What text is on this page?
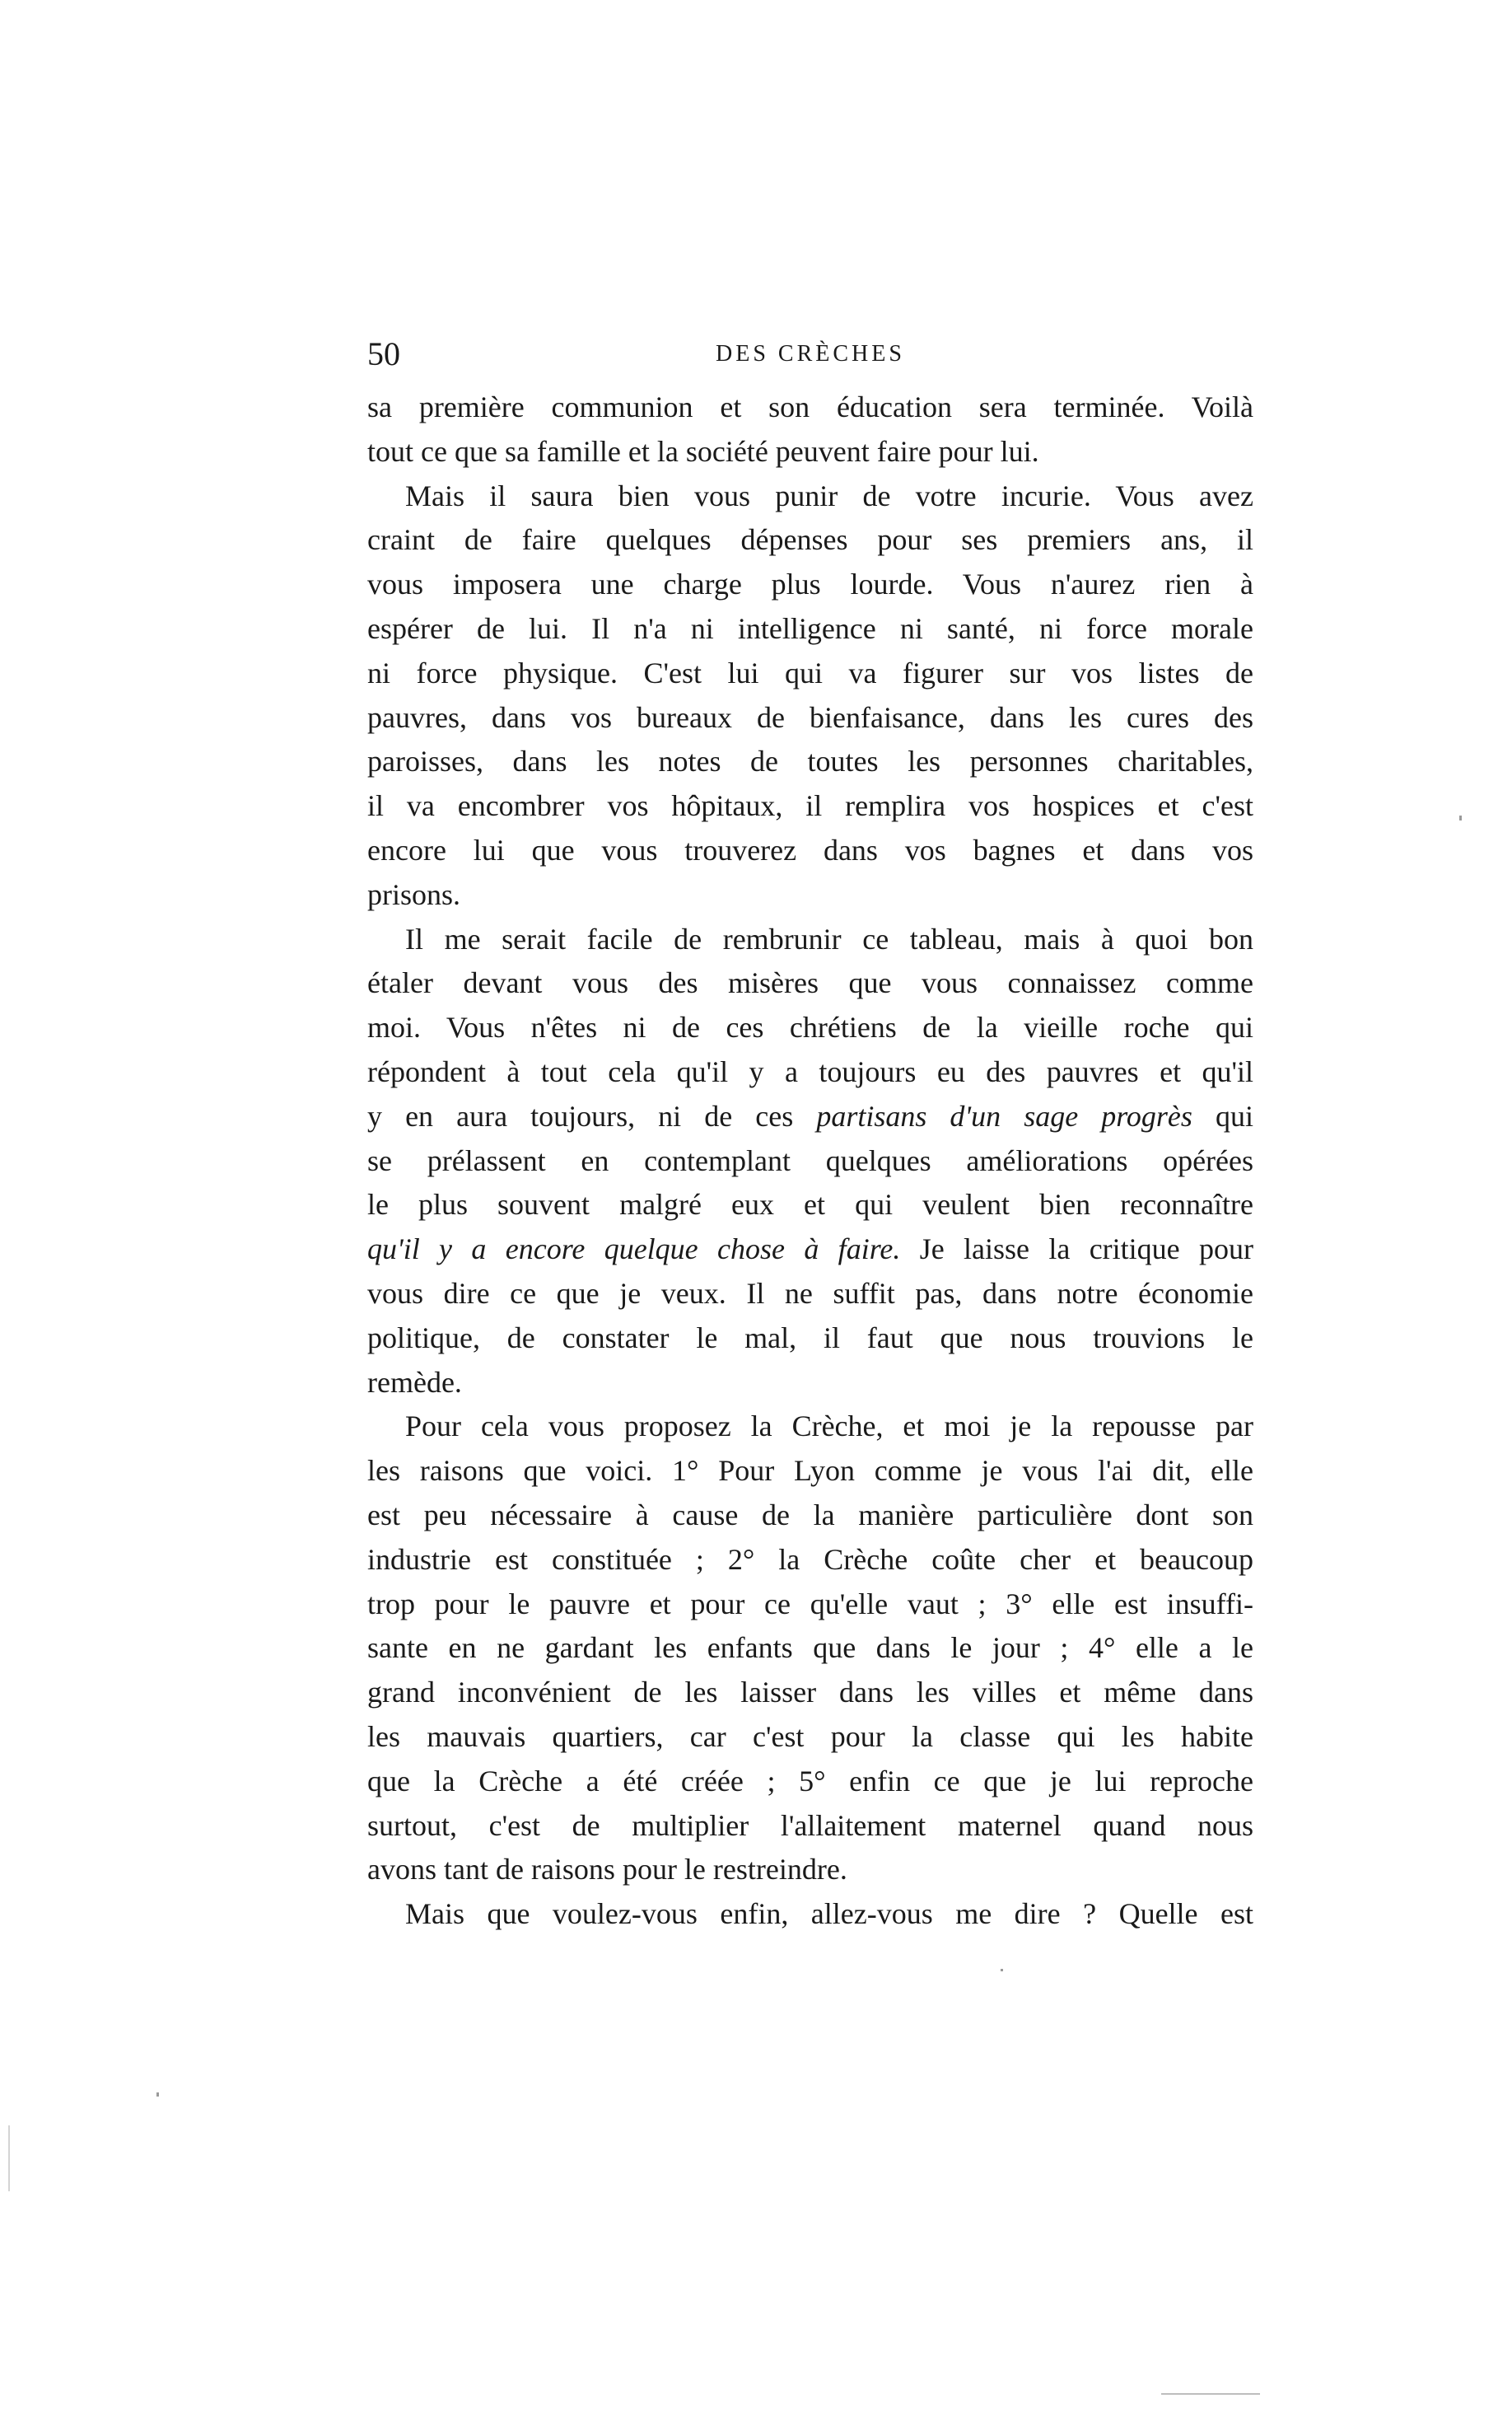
50	DES CRÈCHES
sa première communion et son éducation sera terminée. Voilà
tout ce que sa famille et la société peuvent faire pour lui.
Mais il saura bien vous punir de votre incurie. Vous avez
craint de faire quelques dépenses pour ses premiers ans, il
vous imposera une charge plus lourde. Vous n'aurez rien à
espérer de lui. Il n'a ni intelligence ni santé, ni force morale
ni force physique. C'est lui qui va figurer sur vos listes de
pauvres, dans vos bureaux de bienfaisance, dans les cures des
paroisses, dans les notes de toutes les personnes charitables,
il va encombrer vos hôpitaux, il remplira vos hospices et c'est
encore lui que vous trouverez dans vos bagnes et dans vos
prisons.
Il me serait facile de rembrunir ce tableau, mais à quoi bon
étaler devant vous des misères que vous connaissez comme
moi. Vous n'êtes ni de ces chrétiens de la vieille roche qui
répondent à tout cela qu'il y a toujours eu des pauvres et qu'il
y en aura toujours, ni de ces partisans d'un sage progrès qui
se prélassent en contemplant quelques améliorations opérées
le plus souvent malgré eux et qui veulent bien reconnaître
qu'il y a encore quelque chose à faire. Je laisse la critique pour
vous dire ce que je veux. Il ne suffit pas, dans notre économie
politique, de constater le mal, il faut que nous trouvions le
remède.
Pour cela vous proposez la Crèche, et moi je la repousse par
les raisons que voici. 1° Pour Lyon comme je vous l'ai dit, elle
est peu nécessaire à cause de la manière particulière dont son
industrie est constituée ; 2° la Crèche coûte cher et beaucoup
trop pour le pauvre et pour ce qu'elle vaut ; 3° elle est insuffi-
sante en ne gardant les enfants que dans le jour ; 4° elle a le
grand inconvénient de les laisser dans les villes et même dans
les mauvais quartiers, car c'est pour la classe qui les habite
que la Crèche a été créée ; 5° enfin ce que je lui reproche
surtout, c'est de multiplier l'allaitement maternel quand nous
avons tant de raisons pour le restreindre.
Mais que voulez-vous enfin, allez-vous me dire ? Quelle est
